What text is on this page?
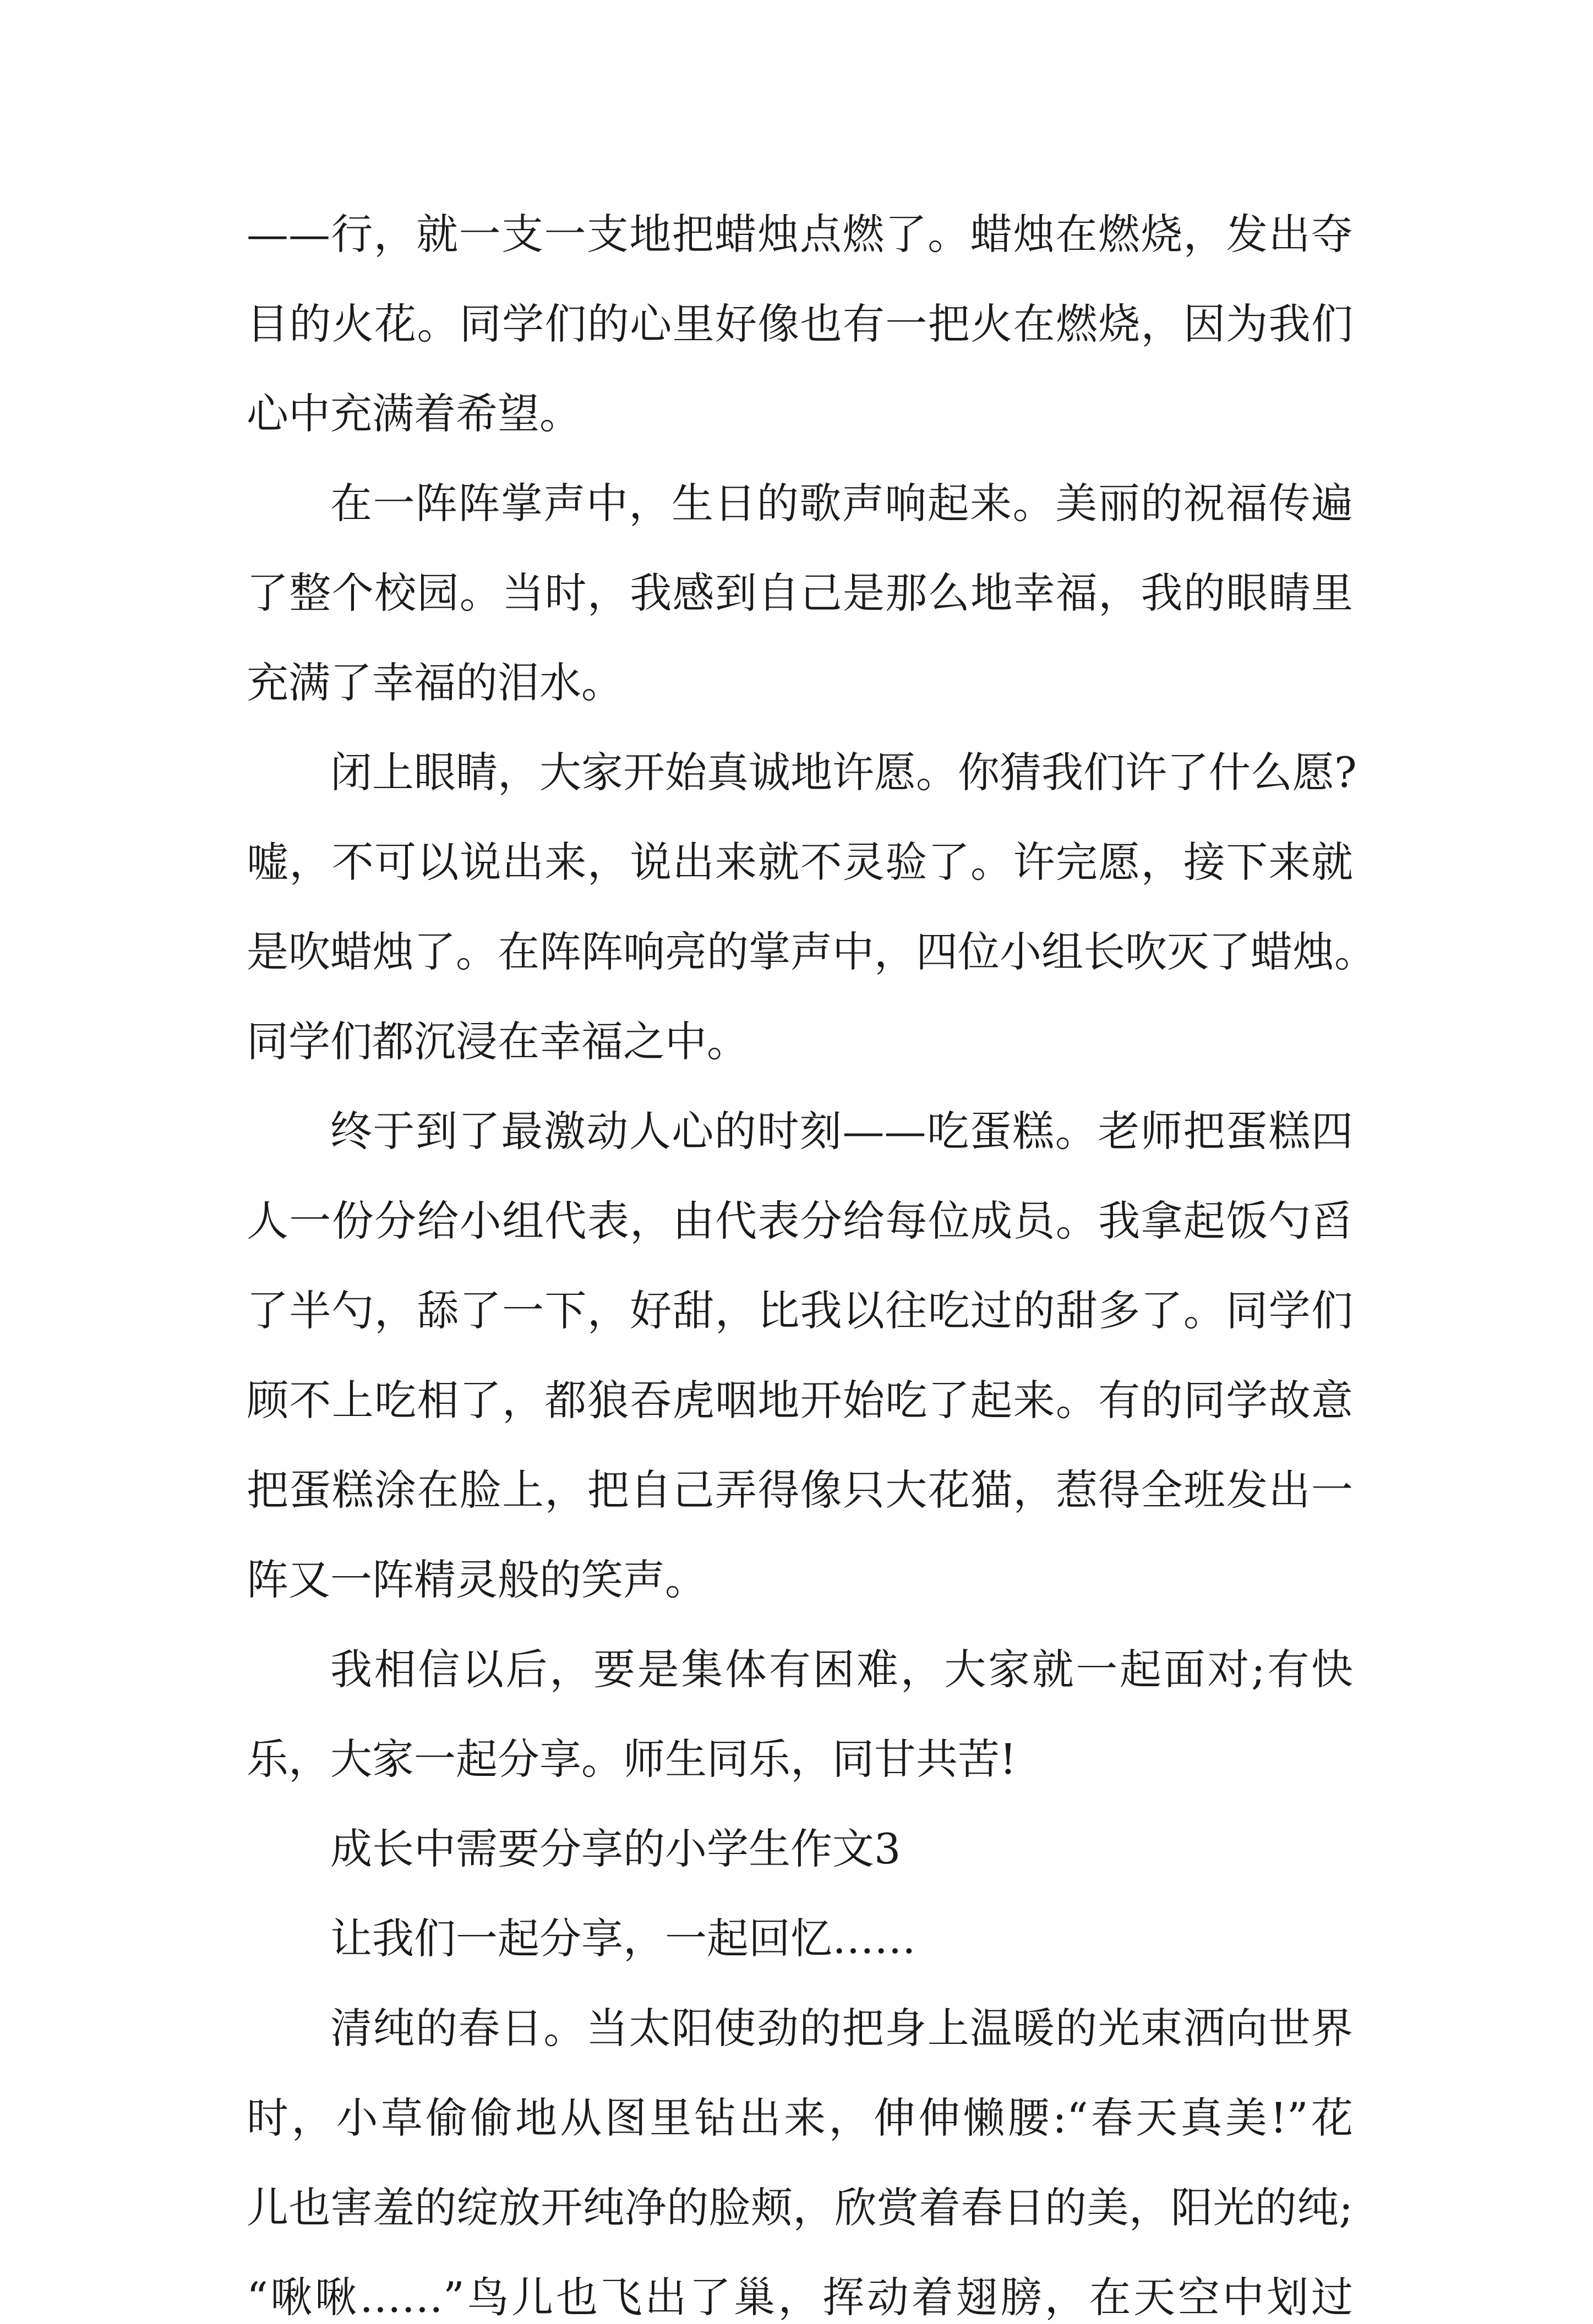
——行，就一支一支地把蜡烛点燃了。蜡烛在燃烧，发出夺
目的火花。同学们的心里好像也有一把火在燃烧，因为我们
心中充满着希望。
在一阵阵掌声中，生日的歌声响起来。美丽的祝福传遍
了整个校园。当时，我感到自己是那么地幸福，我的眼睛里
充满了幸福的泪水。
闭上眼睛，大家开始真诚地许愿。你猜我们许了什么愿?
嘘，不可以说出来，说出来就不灵验了。许完愿，接下来就
是吹蜡烛了。在阵阵响亮的掌声中，四位小组长吹灭了蜡烛。
同学们都沉浸在幸福之中。
终于到了最激动人心的时刻——吃蛋糕。老师把蛋糕四
人一份分给小组代表，由代表分给每位成员。我拿起饭勺舀
了半勺，舔了一下，好甜，比我以往吃过的甜多了。同学们
顾不上吃相了，都狼吞虎咽地开始吃了起来。有的同学故意
把蛋糕涂在脸上，把自己弄得像只大花猫，惹得全班发出一
阵又一阵精灵般的笑声。
我相信以后，要是集体有困难，大家就一起面对;有快
乐，大家一起分享。师生同乐，同甘共苦!
成长中需要分享的小学生作文3
让我们一起分享，一起回忆……
清纯的春日。当太阳使劲的把身上温暖的光束洒向世界
时，小草偷偷地从图里钻出来，伸伸懒腰:“春天真美!”花
儿也害羞的绽放开纯净的脸颊，欣赏着春日的美，阳光的纯;
“啾啾……”鸟儿也飞出了巢，挥动着翅膀，在天空中划过
